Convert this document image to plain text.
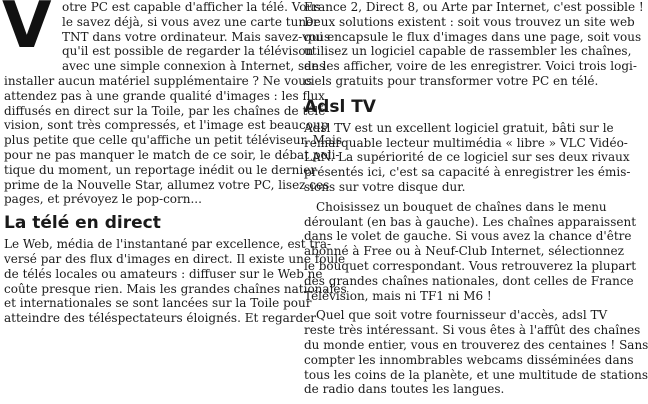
V otre PC est capable d'afficher la télé. Vous
le savez déjà, si vous avez une carte tuner
TNT dans votre ordinateur. Mais savez-vous
qu'il est possible de regarder la télévison
avec une simple connexion à Internet, sans
installer aucun matériel supplémentaire ? Ne vous
attendez pas à une grande qualité d'images : les flux
diffusés en direct sur la Toile, par les chaînes de télé-
vision, sont très compressés, et l'image est beaucoup
plus petite que celle qu'affiche un petit téléviseur. Mais
pour ne pas manquer le match de ce soir, le débat poli-
tique du moment, un reportage inédit ou le dernier
prime de la Nouvelle Star, allumez votre PC, lisez ces
pages, et prévoyez le pop-corn...
La télé en direct
Le Web, média de l'instantané par excellence, est tra-
versé par des flux d'images en direct. Il existe une foule
de télés locales ou amateurs : diffuser sur le Web ne
coûte presque rien. Mais les grandes chaînes nationales
et internationales se sont lancées sur la Toile pour
atteindre des téléspectateurs éloignés. Et regarder
France 2, Direct 8, ou Arte par Internet, c'est possible !
Deux solutions existent : soit vous trouvez un site web
qui encapsule le flux d'images dans une page, soit vous
utilisez un logiciel capable de rassembler les chaînes,
de les afficher, voire de les enregistrer. Voici trois logi-
ciels gratuits pour transformer votre PC en télé.
Adsl TV
Adsl TV est un excellent logiciel gratuit, bâti sur le
remarquable lecteur multimédia « libre » VLC Vidéo-
LAN. La supériorité de ce logiciel sur ses deux rivaux
présentés ici, c'est sa capacité à enregistrer les émis-
sions sur votre disque dur.
Choisissez un bouquet de chaînes dans le menu
déroulant (en bas à gauche). Les chaînes apparaissent
dans le volet de gauche. Si vous avez la chance d'être
abonné à Free ou à Neuf-Club Internet, sélectionnez
le bouquet correspondant. Vous retrouverez la plupart
des grandes chaînes nationales, dont celles de France
Télévision, mais ni TF1 ni M6 !
Quel que soit votre fournisseur d'accès, adsl TV
reste très intéressant. Si vous êtes à l'affût des chaînes
du monde entier, vous en trouverez des centaines ! Sans
compter les innombrables webcams disséminées dans
tous les coins de la planète, et une multitude de stations
de radio dans toutes les langues.
